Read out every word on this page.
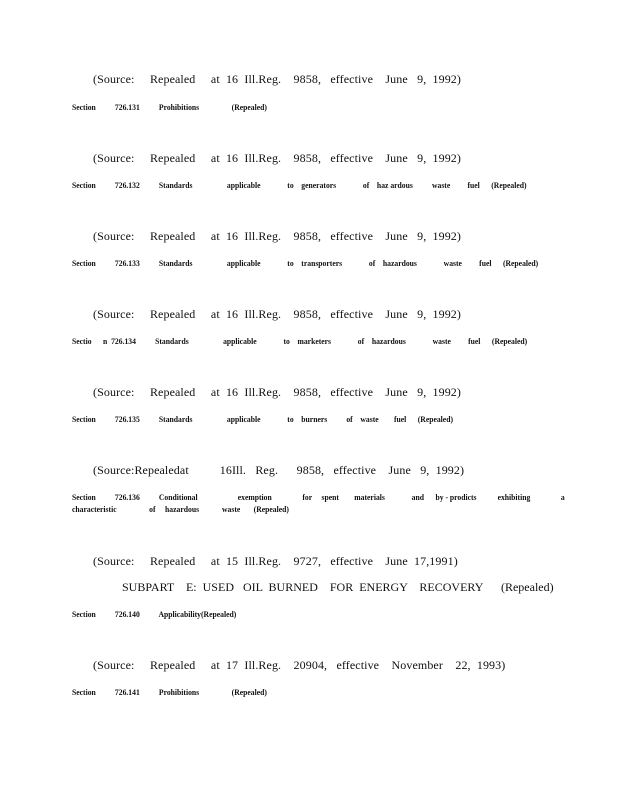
(Source:     Repealed     at  16  Ill.Reg.    9858,   effective    June   9,  1992)
Section          726.131          Prohibitions                 (Repealed)
(Source:     Repealed     at  16  Ill.Reg.    9858,   effective    June   9,  1992)
Section          726.132          Standards                  applicable              to    generators              of    haz ardous          waste         fuel      (Repealed)
(Source:     Repealed     at  16  Ill.Reg.    9858,   effective    June   9,  1992)
Section          726.133          Standards                  applicable              to    transporters              of    hazardous              waste         fuel      (Repealed)
(Source:     Repealed     at  16  Ill.Reg.    9858,   effective    June   9,  1992)
Sectio      n  726.134          Standards                  applicable              to    marketers              of    hazardous              waste         fuel      (Repealed)
(Source:     Repealed     at  16  Ill.Reg.    9858,   effective    June   9,  1992)
Section          726.135          Standards                  applicable              to    burners          of    waste        fuel      (Repealed)
(Source:Repealedat          16Ill.   Reg.      9858,   effective    June   9,  1992)
Section          726.136          Conditional                     exemption                for     spent        materials              and      by - prodicts           exhibiting                a
characteristic                 of     hazardous            waste       (Repealed)
(Source:     Repealed     at  15  Ill.Reg.    9727,   effective    June  17,1991)
SUBPART    E:  USED   OIL  BURNED    FOR  ENERGY    RECOVERY      (Repealed)
Section          726.140          Applicability(Repealed)
(Source:     Repealed     at  17  Ill.Reg.    20904,   effective    November    22,  1993)
Section          726.141          Prohibitions                 (Repealed)
